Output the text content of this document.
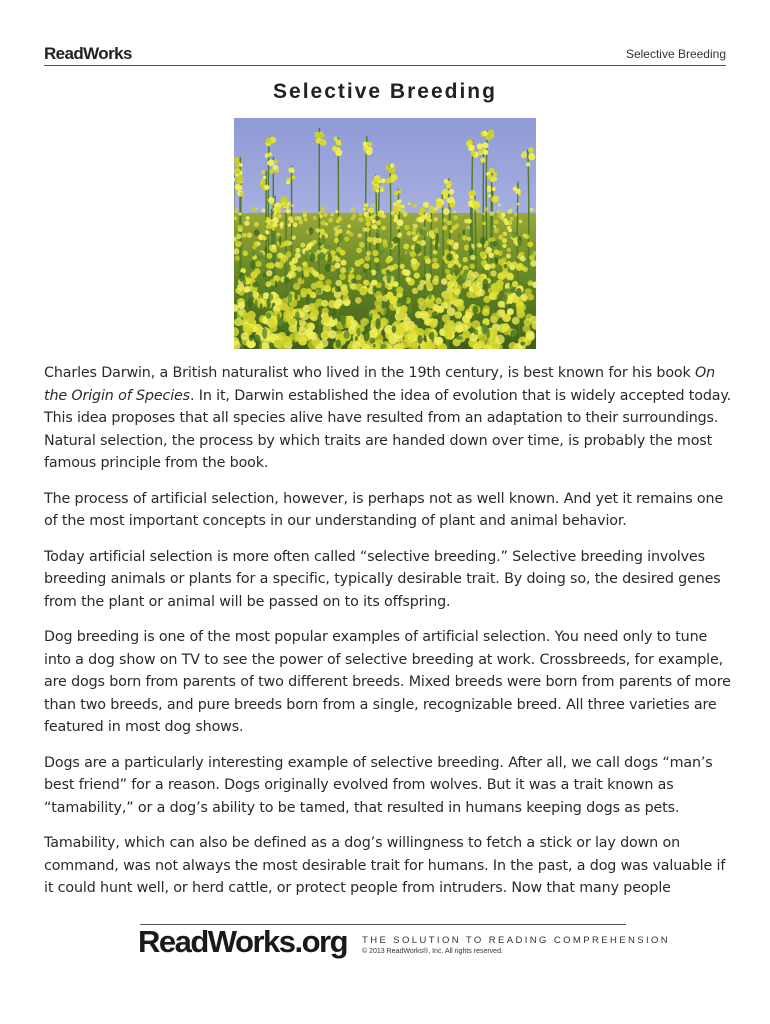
ReadWorks	Selective Breeding
Selective Breeding

Charles Darwin, a British naturalist who lived in the 19th century, is best known for his book On the Origin of Species. In it, Darwin established the idea of evolution that is widely accepted today. This idea proposes that all species alive have resulted from an adaptation to their surroundings. Natural selection, the process by which traits are handed down over time, is probably the most famous principle from the book.

The process of artificial selection, however, is perhaps not as well known. And yet it remains one of the most important concepts in our understanding of plant and animal behavior.

Today artificial selection is more often called “selective breeding.” Selective breeding involves breeding animals or plants for a specific, typically desirable trait. By doing so, the desired genes from the plant or animal will be passed on to its offspring.

Dog breeding is one of the most popular examples of artificial selection. You need only to tune into a dog show on TV to see the power of selective breeding at work. Crossbreeds, for example, are dogs born from parents of two different breeds. Mixed breeds were born from parents of more than two breeds, and pure breeds born from a single, recognizable breed. All three varieties are featured in most dog shows.

Dogs are a particularly interesting example of selective breeding. After all, we call dogs “man’s best friend” for a reason. Dogs originally evolved from wolves. But it was a trait known as “tamability,” or a dog’s ability to be tamed, that resulted in humans keeping dogs as pets.

Tamability, which can also be defined as a dog’s willingness to fetch a stick or lay down on command, was not always the most desirable trait for humans. In the past, a dog was valuable if it could hunt well, or herd cattle, or protect people from intruders. Now that many people

ReadWorks.org THE SOLUTION TO READING COMPREHENSION
© 2013 ReadWorks®, Inc. All rights reserved.
